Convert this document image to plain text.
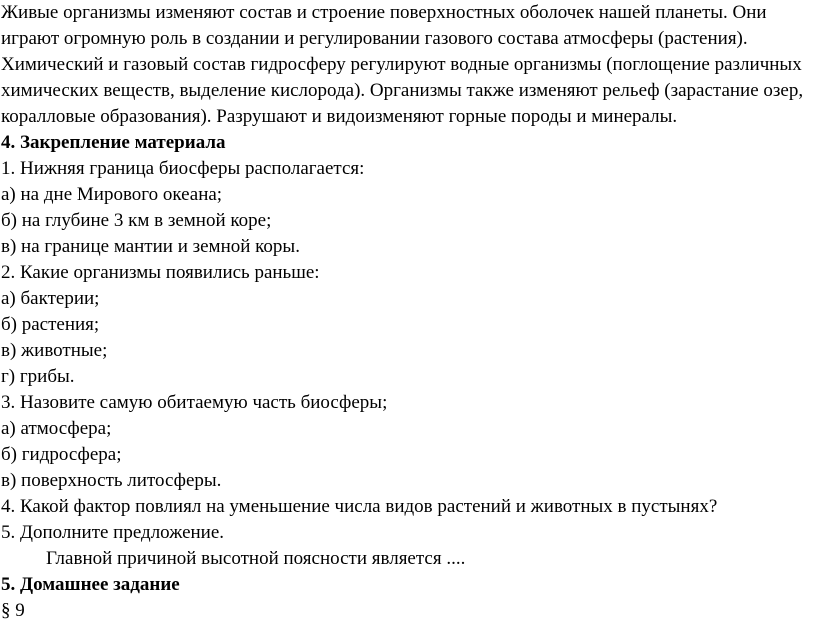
Живые организмы изменяют состав и строение поверхностных оболочек нашей планеты. Они играют огромную роль в создании и регулировании газового состава атмосферы (растения). Химический и газовый состав гидросферу регулируют водные организмы (поглощение различных химических веществ, выделение кислорода). Организмы также изменяют рельеф (зарастание озер, коралловые образования). Разрушают и видоизменяют горные породы и минералы.

4. Закрепление материала
1. Нижняя граница биосферы располагается:
а) на дне Мирового океана;
б) на глубине 3 км в земной коре;
в) на границе мантии и земной коры.
2. Какие организмы появились раньше:
а) бактерии;
б) растения;
в) животные;
г) грибы.
3. Назовите самую обитаемую часть биосферы;
а) атмосфера;
б) гидросфера;
в) поверхность литосферы.
4. Какой фактор повлиял на уменьшение числа видов растений и животных в пустынях?
5. Дополните предложение.
Главной причиной высотной поясности является ....
5. Домашнее задание
§ 9
